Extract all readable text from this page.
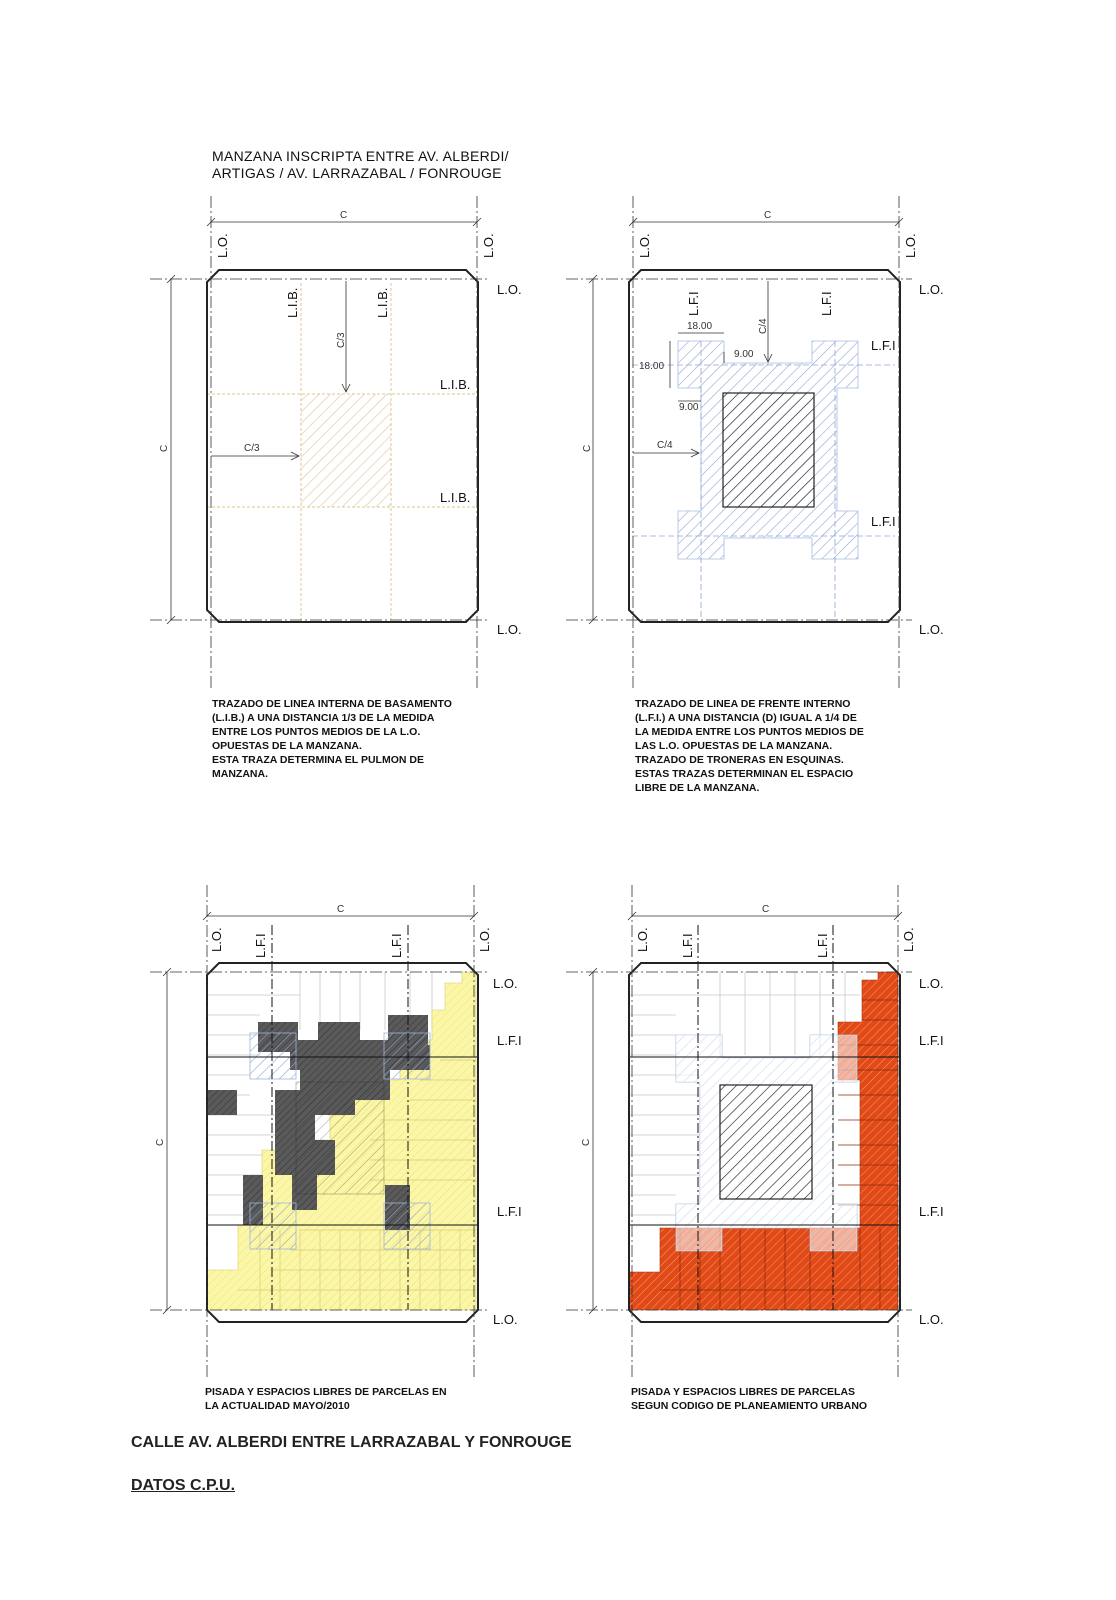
MANZANA INSCRIPTA ENTRE AV. ALBERDI/
ARTIGAS / AV. LARRAZABAL / FONROUGE
C
C
C/3
C/3
L.O.	L.O.
L.O.
L.O.
L.I.B.	L.I.B.
L.I.B.
L.I.B.
C
C
C/4
C/4
18.00
18.00
9.00
9.00
L.O.	L.O.
L.O.
L.O.
L.F.I	L.F.I
L.F.I
L.F.I
C
C
L.O.	L.O.
L.O.
L.O.
L.F.I	L.F.I
L.F.I
L.F.I
C
C
L.O.	L.O.
L.O.
L.O.
L.F.I	L.F.I
L.F.I
L.F.I
TRAZADO DE LINEA INTERNA DE BASAMENTO
(L.I.B.) A UNA DISTANCIA 1/3 DE LA MEDIDA
ENTRE LOS PUNTOS MEDIOS DE LA L.O.
OPUESTAS DE LA MANZANA.
ESTA TRAZA DETERMINA EL PULMON DE
MANZANA.
TRAZADO DE LINEA DE FRENTE INTERNO
(L.F.I.) A UNA DISTANCIA (D) IGUAL A 1/4 DE
LA MEDIDA ENTRE LOS PUNTOS MEDIOS DE
LAS L.O. OPUESTAS DE LA MANZANA.
TRAZADO DE TRONERAS EN ESQUINAS.
ESTAS TRAZAS DETERMINAN EL ESPACIO
LIBRE DE LA MANZANA.
PISADA Y ESPACIOS LIBRES DE PARCELAS EN
LA ACTUALIDAD MAYO/2010
PISADA Y ESPACIOS LIBRES DE PARCELAS
SEGUN CODIGO DE PLANEAMIENTO URBANO

CALLE AV. ALBERDI ENTRE LARRAZABAL Y FONROUGE

DATOS C.P.U.
